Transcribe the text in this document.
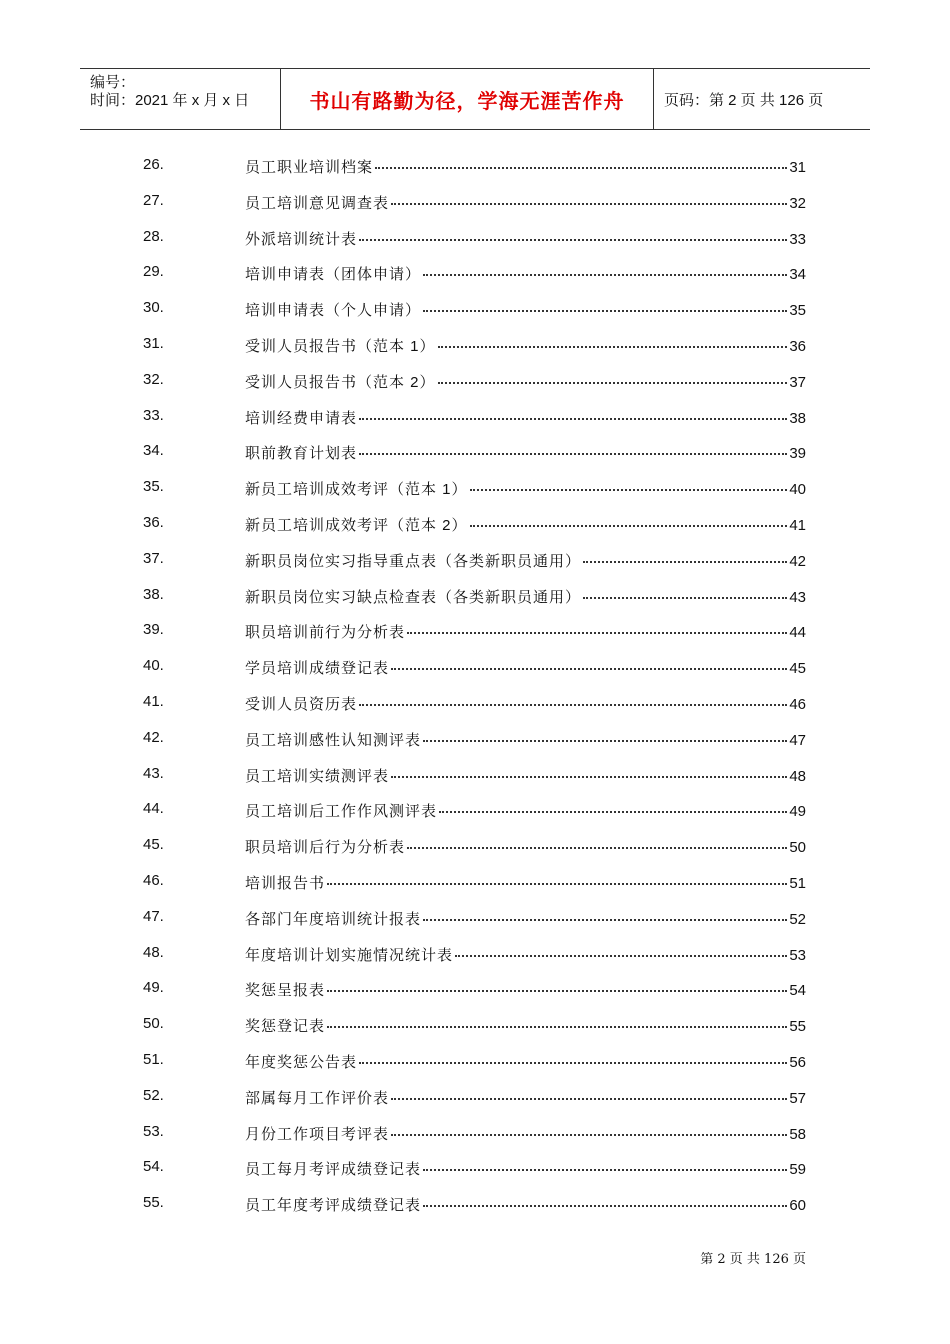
编号：
时间：2021 年 x 月 x 日	书山有路勤为径，学海无涯苦作舟	页码：第 2 页 共 126 页
26.	员工职业培训档案	31
27.	员工培训意见调查表	32
28.	外派培训统计表	33
29.	培训申请表（团体申请）	34
30.	培训申请表（个人申请）	35
31.	受训人员报告书（范本 1）	36
32.	受训人员报告书（范本 2）	37
33.	培训经费申请表	38
34.	职前教育计划表	39
35.	新员工培训成效考评（范本 1）	40
36.	新员工培训成效考评（范本 2）	41
37.	新职员岗位实习指导重点表（各类新职员通用）	42
38.	新职员岗位实习缺点检查表（各类新职员通用）	43
39.	职员培训前行为分析表	44
40.	学员培训成绩登记表	45
41.	受训人员资历表	46
42.	员工培训感性认知测评表	47
43.	员工培训实绩测评表	48
44.	员工培训后工作作风测评表	49
45.	职员培训后行为分析表	50
46.	培训报告书	51
47.	各部门年度培训统计报表	52
48.	年度培训计划实施情况统计表	53
49.	奖惩呈报表	54
50.	奖惩登记表	55
51.	年度奖惩公告表	56
52.	部属每月工作评价表	57
53.	月份工作项目考评表	58
54.	员工每月考评成绩登记表	59
55.	员工年度考评成绩登记表	60
第 2 页 共 126 页
